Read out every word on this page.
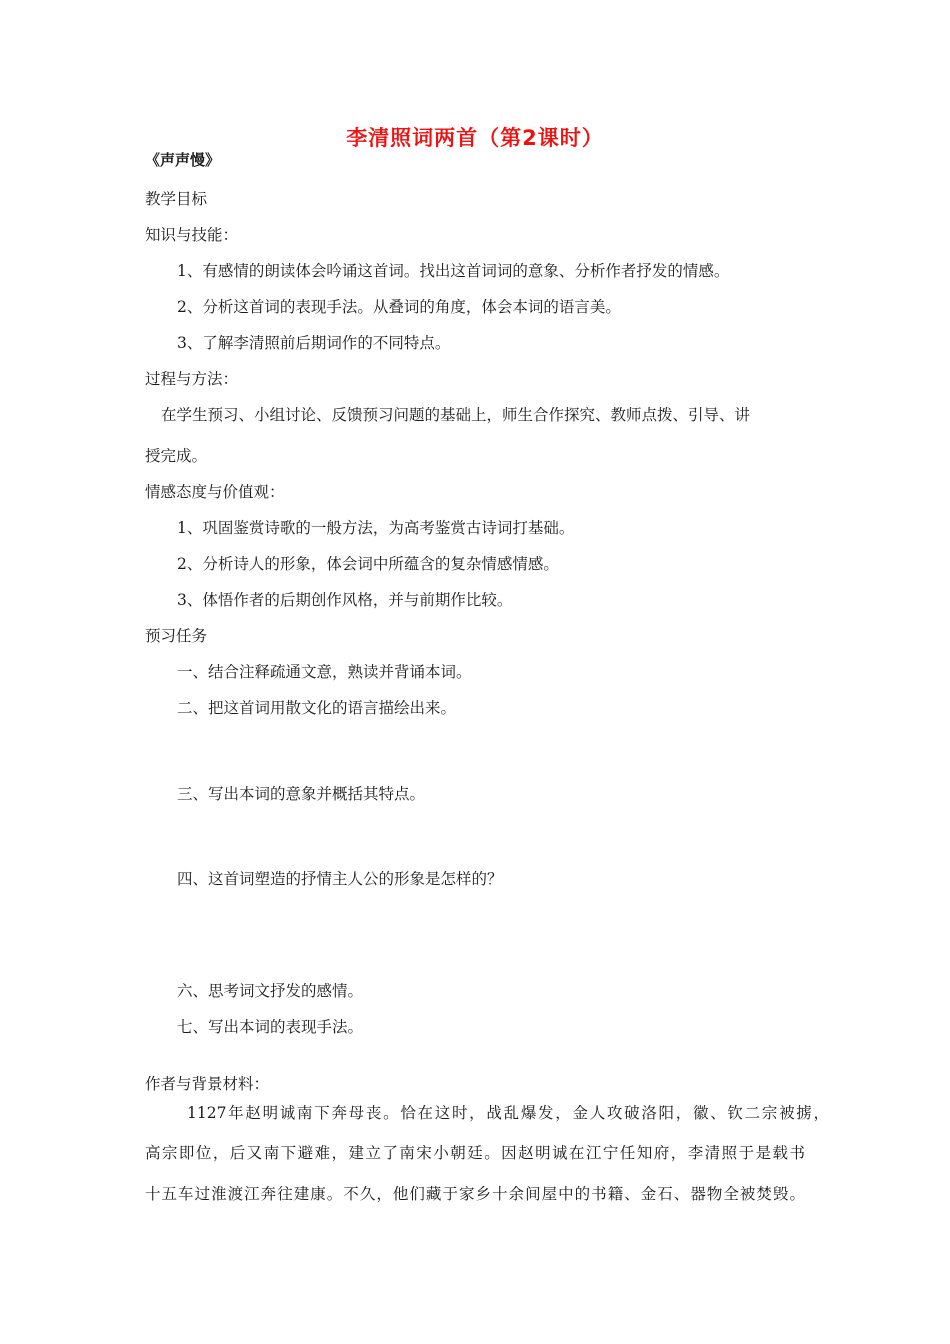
李清照词两首（第2课时）
《声声慢》
教学目标
知识与技能：
1、有感情的朗读体会吟诵这首词。找出这首词词的意象、分析作者抒发的情感。
2、分析这首词的表现手法。从叠词的角度，体会本词的语言美。
3、了解李清照前后期词作的不同特点。
过程与方法：
在学生预习、小组讨论、反馈预习问题的基础上，师生合作探究、教师点拨、引导、讲
授完成。
情感态度与价值观：
1、巩固鉴赏诗歌的一般方法，为高考鉴赏古诗词打基础。
2、分析诗人的形象，体会词中所蕴含的复杂情感情感。
3、体悟作者的后期创作风格，并与前期作比较。
预习任务
一、结合注释疏通文意，熟读并背诵本词。
二、把这首词用散文化的语言描绘出来。
三、写出本词的意象并概括其特点。
四、这首词塑造的抒情主人公的形象是怎样的？
六、思考词文抒发的感情。
七、写出本词的表现手法。
作者与背景材料：
1127年赵明诚南下奔母丧。恰在这时，战乱爆发，金人攻破洛阳，徽、钦二宗被掳，
高宗即位，后又南下避难，建立了南宋小朝廷。因赵明诚在江宁任知府，李清照于是载书
十五车过淮渡江奔往建康。不久，他们藏于家乡十余间屋中的书籍、金石、器物全被焚毁。
